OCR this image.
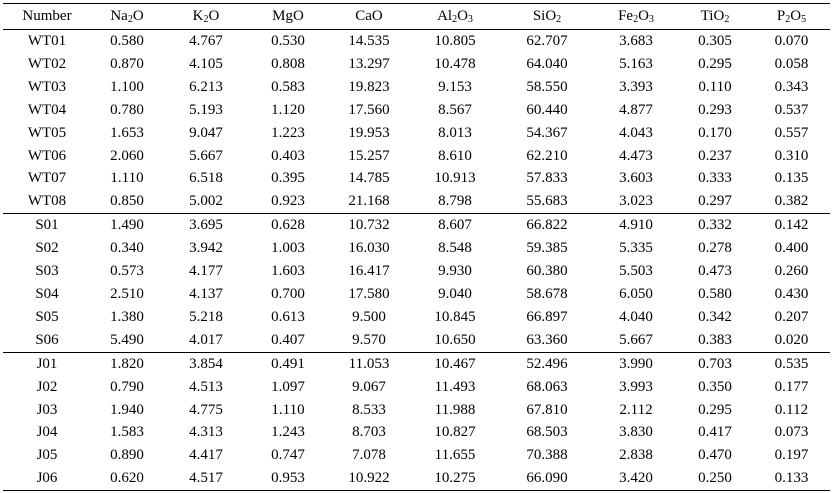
Number	$Na_2O$	$K_2O$	MgO	CaO	$Al_2O_3$	SiO$_2$	$Fe_2O_3$	TiO$_2$	$P_2O_5$
WT01	0.580	4.767	0.530	14.535	10.805	62.707	3.683	0.305	0.070
WT02	0.870	4.105	0.808	13.297	10.478	64.040	5.163	0.295	0.058
WT03	1.100	6.213	0.583	19.823	9.153	58.550	3.393	0.110	0.343
WT04	0.780	5.193	1.120	17.560	8.567	60.440	4.877	0.293	0.537
WT05	1.653	9.047	1.223	19.953	8.013	54.367	4.043	0.170	0.557
WT06	2.060	5.667	0.403	15.257	8.610	62.210	4.473	0.237	0.310
WT07	1.110	6.518	0.395	14.785	10.913	57.833	3.603	0.333	0.135
WT08	0.850	5.002	0.923	21.168	8.798	55.683	3.023	0.297	0.382
S01	1.490	3.695	0.628	10.732	8.607	66.822	4.910	0.332	0.142
S02	0.340	3.942	1.003	16.030	8.548	59.385	5.335	0.278	0.400
S03	0.573	4.177	1.603	16.417	9.930	60.380	5.503	0.473	0.260
S04	2.510	4.137	0.700	17.580	9.040	58.678	6.050	0.580	0.430
S05	1.380	5.218	0.613	9.500	10.845	66.897	4.040	0.342	0.207
S06	5.490	4.017	0.407	9.570	10.650	63.360	5.667	0.383	0.020
J01	1.820	3.854	0.491	11.053	10.467	52.496	3.990	0.703	0.535
J02	0.790	4.513	1.097	9.067	11.493	68.063	3.993	0.350	0.177
J03	1.940	4.775	1.110	8.533	11.988	67.810	2.112	0.295	0.112
J04	1.583	4.313	1.243	8.703	10.827	68.503	3.830	0.417	0.073
J05	0.890	4.417	0.747	7.078	11.655	70.388	2.838	0.470	0.197
J06	0.620	4.517	0.953	10.922	10.275	66.090	3.420	0.250	0.133
